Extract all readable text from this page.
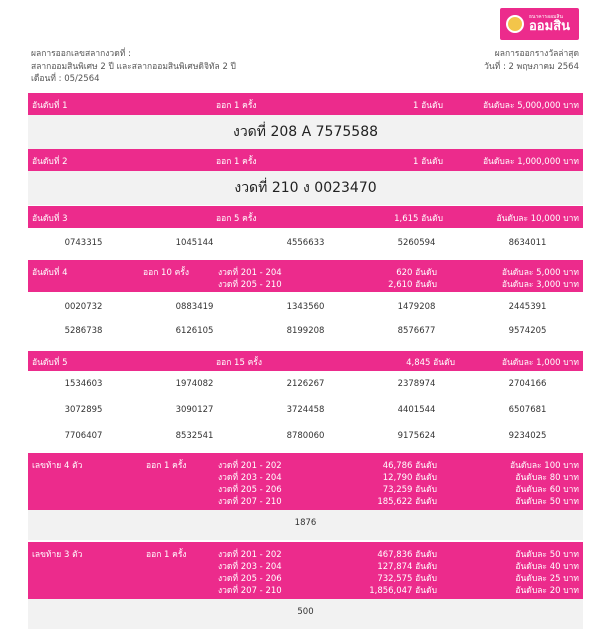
ธนาคารออมสิน
ออมสิน
ผลการออกเลขสลากงวดที่ :
สลากออมสินพิเศษ 2 ปี และสลากออมสินพิเศษดิจิทัล 2 ปี
เดือนที่ : 05/2564
ผลการออกรางวัลล่าสุด
วันที่ : 2 พฤษภาคม 2564
อันดับที่ 1	ออก 1 ครั้ง	1 อันดับ	อันดับละ 5,000,000 บาท
งวดที่ 208 A 7575588
อันดับที่ 2	ออก 1 ครั้ง	1 อันดับ	อันดับละ 1,000,000 บาท
งวดที่ 210 ง 0023470
อันดับที่ 3	ออก 5 ครั้ง	1,615 อันดับ	อันดับละ 10,000 บาท
0743315	1045144	4556633	5260594	8634011
อันดับที่ 4	ออก 10 ครั้ง	งวดที่ 201 - 204	620 อันดับ	อันดับละ 5,000 บาท
งวดที่ 205 - 210	2,610 อันดับ	อันดับละ 3,000 บาท
0020732	0883419	1343560	1479208	2445391
5286738	6126105	8199208	8576677	9574205
อันดับที่ 5	ออก 15 ครั้ง	4,845 อันดับ	อันดับละ 1,000 บาท
1534603	1974082	2126267	2378974	2704166
3072895	3090127	3724458	4401544	6507681
7706407	8532541	8780060	9175624	9234025
เลขท้าย 4 ตัว	ออก 1 ครั้ง	งวดที่ 201 - 202	46,786 อันดับ	อันดับละ 100 บาท
งวดที่ 203 - 204	12,790 อันดับ	อันดับละ 80 บาท
งวดที่ 205 - 206	73,259 อันดับ	อันดับละ 60 บาท
งวดที่ 207 - 210	185,622 อันดับ	อันดับละ 50 บาท
1876
เลขท้าย 3 ตัว	ออก 1 ครั้ง	งวดที่ 201 - 202	467,836 อันดับ	อันดับละ 50 บาท
งวดที่ 203 - 204	127,874 อันดับ	อันดับละ 40 บาท
งวดที่ 205 - 206	732,575 อันดับ	อันดับละ 25 บาท
งวดที่ 207 - 210	1,856,047 อันดับ	อันดับละ 20 บาท
500
